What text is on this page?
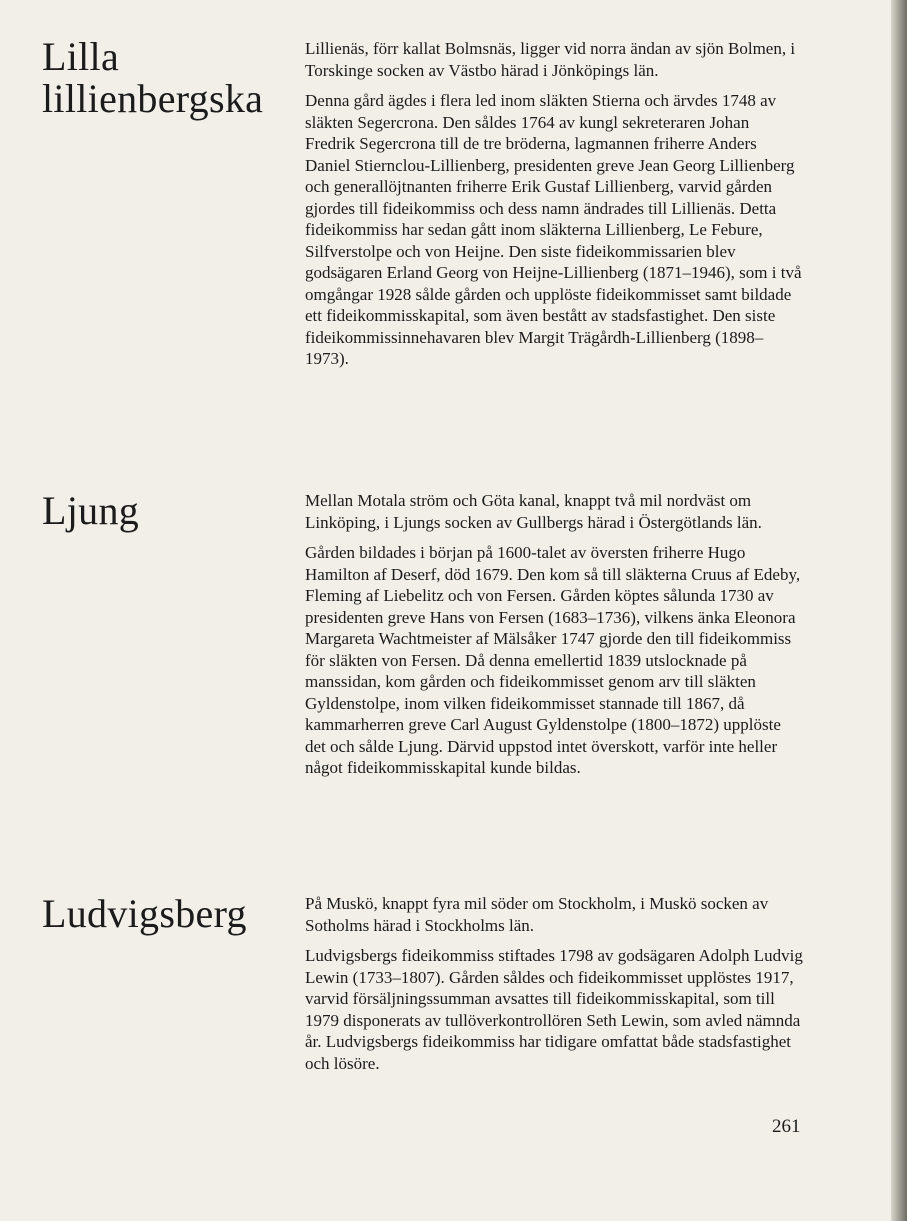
Lilla lillienbergska

Lillienäs, förr kallat Bolmsnäs, ligger vid norra ändan av sjön Bolmen, i Torskinge socken av Västbo härad i Jönköpings län.

Denna gård ägdes i flera led inom släkten Stierna och ärvdes 1748 av släkten Segercrona. Den såldes 1764 av kungl sekreteraren Johan Fredrik Segercrona till de tre bröderna, lagmannen friherre Anders Daniel Stiernclou-Lillienberg, presidenten greve Jean Georg Lillienberg och generallöjtnanten friherre Erik Gustaf Lillienberg, varvid gården gjordes till fideikommiss och dess namn ändrades till Lillienäs. Detta fideikommiss har sedan gått inom släkterna Lillienberg, Le Febure, Silfverstolpe och von Heijne. Den siste fideikommissarien blev godsägaren Erland Georg von Heijne-Lillienberg (1871–1946), som i två omgångar 1928 sålde gården och upplöste fideikommisset samt bildade ett fideikommisskapital, som även bestått av stadsfastighet. Den siste fideikommissinnehavaren blev Margit Trägårdh-Lillienberg (1898–1973).

Ljung	Mellan Motala ström och Göta kanal, knappt två mil nordväst om Linköping, i Ljungs socken av Gullbergs härad i Östergötlands län.

Gården bildades i början på 1600-talet av översten friherre Hugo Hamilton af Deserf, död 1679. Den kom så till släkterna Cruus af Edeby, Fleming af Liebelitz och von Fersen. Gården köptes sålunda 1730 av presidenten greve Hans von Fersen (1683–1736), vilkens änka Eleonora Margareta Wachtmeister af Mälsåker 1747 gjorde den till fideikommiss för släkten von Fersen. Då denna emellertid 1839 utslocknade på manssidan, kom gården och fideikommisset genom arv till släkten Gyldenstolpe, inom vilken fideikommisset stannade till 1867, då kammarherren greve Carl August Gyldenstolpe (1800–1872) upplöste det och sålde Ljung. Därvid uppstod intet överskott, varför inte heller något fideikommisskapital kunde bildas.

Ludvigsberg	På Muskö, knappt fyra mil söder om Stockholm, i Muskö socken av Sotholms härad i Stockholms län.

Ludvigsbergs fideikommiss stiftades 1798 av godsägaren Adolph Ludvig Lewin (1733–1807). Gården såldes och fideikommisset upplöstes 1917, varvid försäljningssumman avsattes till fideikommisskapital, som till 1979 disponerats av tullöverkontrollören Seth Lewin, som avled nämnda år. Ludvigsbergs fideikommiss har tidigare omfattat både stadsfastighet och lösöre.

261
